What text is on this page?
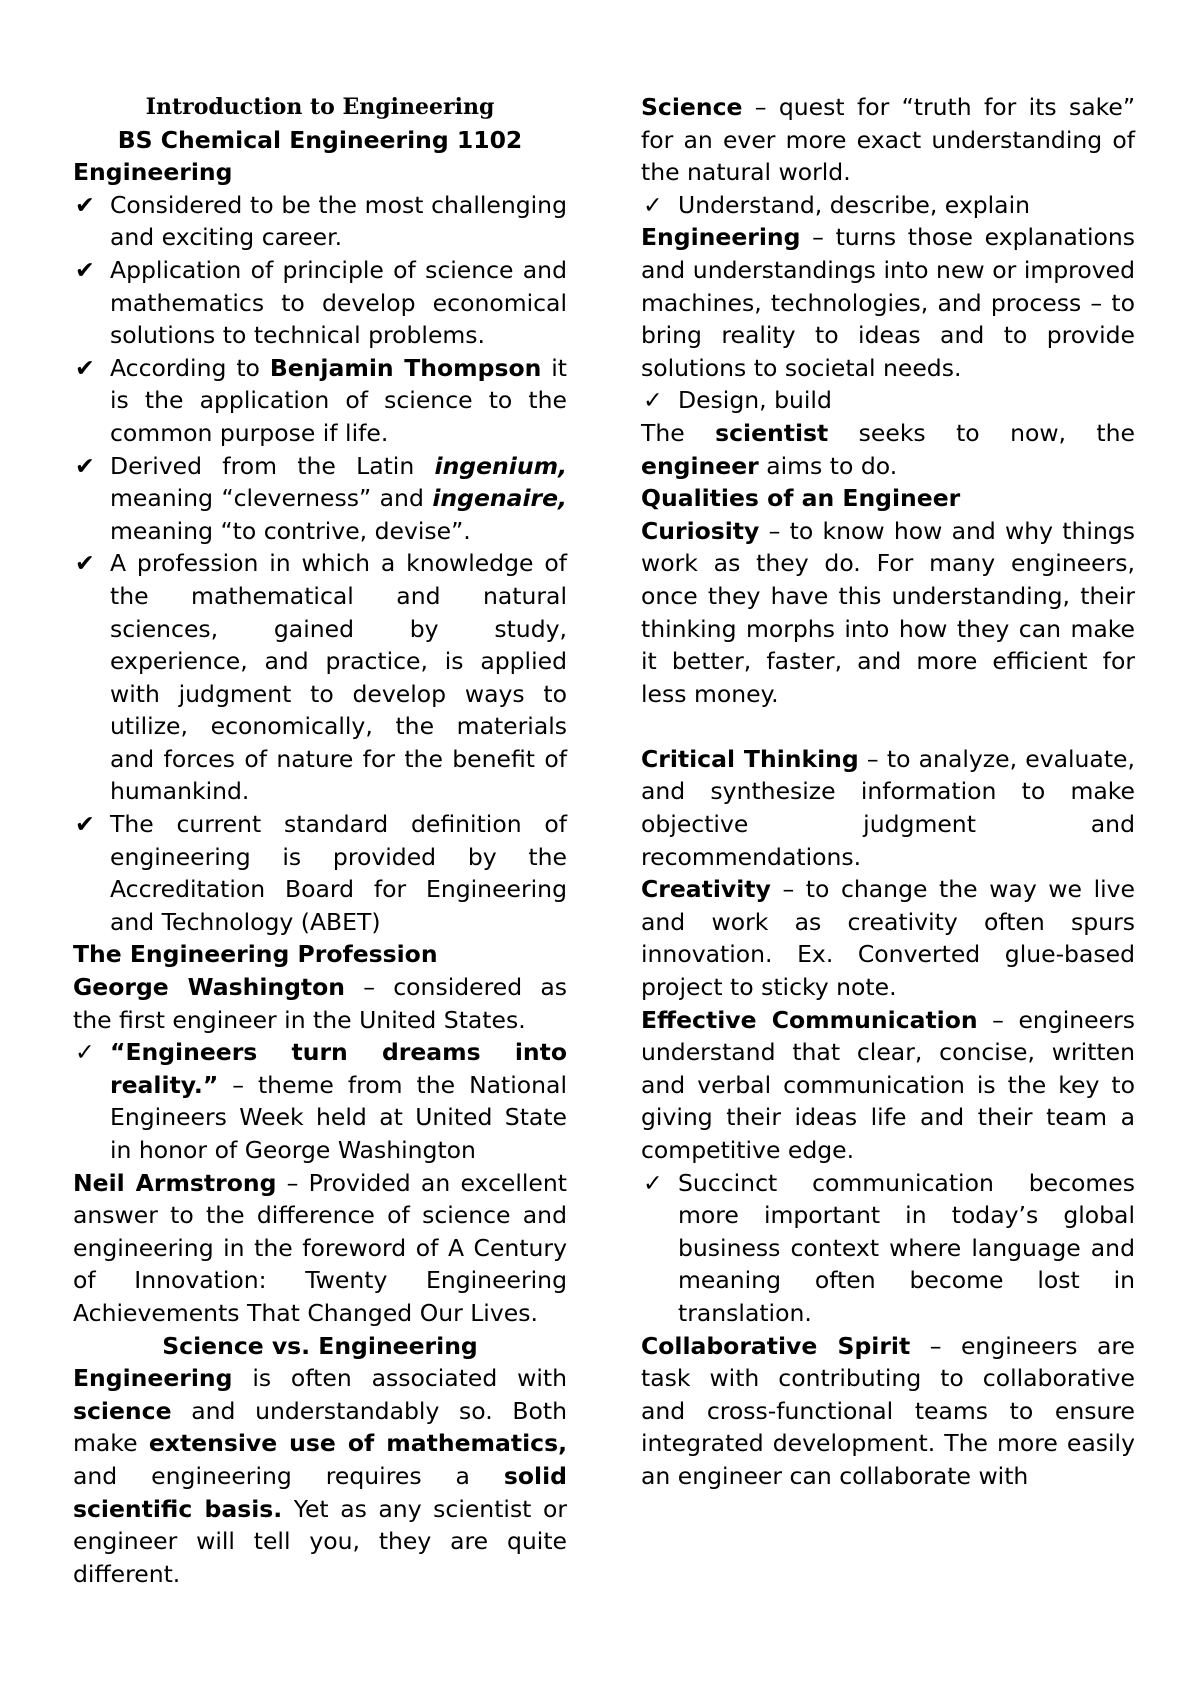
Introduction to Engineering

BS Chemical Engineering 1102

Engineering

✔ Considered to be the most challenging and exciting career.
✔ Application of principle of science and mathematics to develop economical solutions to technical problems.
✔ According to Benjamin Thompson it is the application of science to the common purpose if life.
✔ Derived from the Latin ingenium, meaning “cleverness” and ingenaire, meaning “to contrive, devise”.
✔ A profession in which a knowledge of the mathematical and natural sciences, gained by study, experience, and practice, is applied with judgment to develop ways to utilize, economically, the materials and forces of nature for the benefit of humankind.
✔ The current standard definition of engineering is provided by the Accreditation Board for Engineering and Technology (ABET)

The Engineering Profession

George Washington – considered as the first engineer in the United States.

✓ “Engineers turn dreams into reality.” – theme from the National Engineers Week held at United State in honor of George Washington

Neil Armstrong – Provided an excellent answer to the difference of science and engineering in the foreword of A Century of Innovation: Twenty Engineering Achievements That Changed Our Lives.

Science vs. Engineering

Engineering is often associated with science and understandably so. Both make extensive use of mathematics, and engineering requires a solid scientific basis. Yet as any scientist or engineer will tell you, they are quite different.

Science – quest for “truth for its sake” for an ever more exact understanding of the natural world.

✓ Understand, describe, explain

Engineering – turns those explanations and understandings into new or improved machines, technologies, and process – to bring reality to ideas and to provide solutions to societal needs.

✓ Design, build

The scientist seeks to now, the engineer aims to do.

Qualities of an Engineer

Curiosity – to know how and why things work as they do. For many engineers, once they have this understanding, their thinking morphs into how they can make it better, faster, and more efficient for less money.

Critical Thinking – to analyze, evaluate, and synthesize information to make objective judgment and recommendations.

Creativity – to change the way we live and work as creativity often spurs innovation. Ex. Converted glue-based project to sticky note.

Effective Communication – engineers understand that clear, concise, written and verbal communication is the key to giving their ideas life and their team a competitive edge.

✓ Succinct communication becomes more important in today’s global business context where language and meaning often become lost in translation.

Collaborative Spirit – engineers are task with contributing to collaborative and cross-functional teams to ensure integrated development. The more easily an engineer can collaborate with
